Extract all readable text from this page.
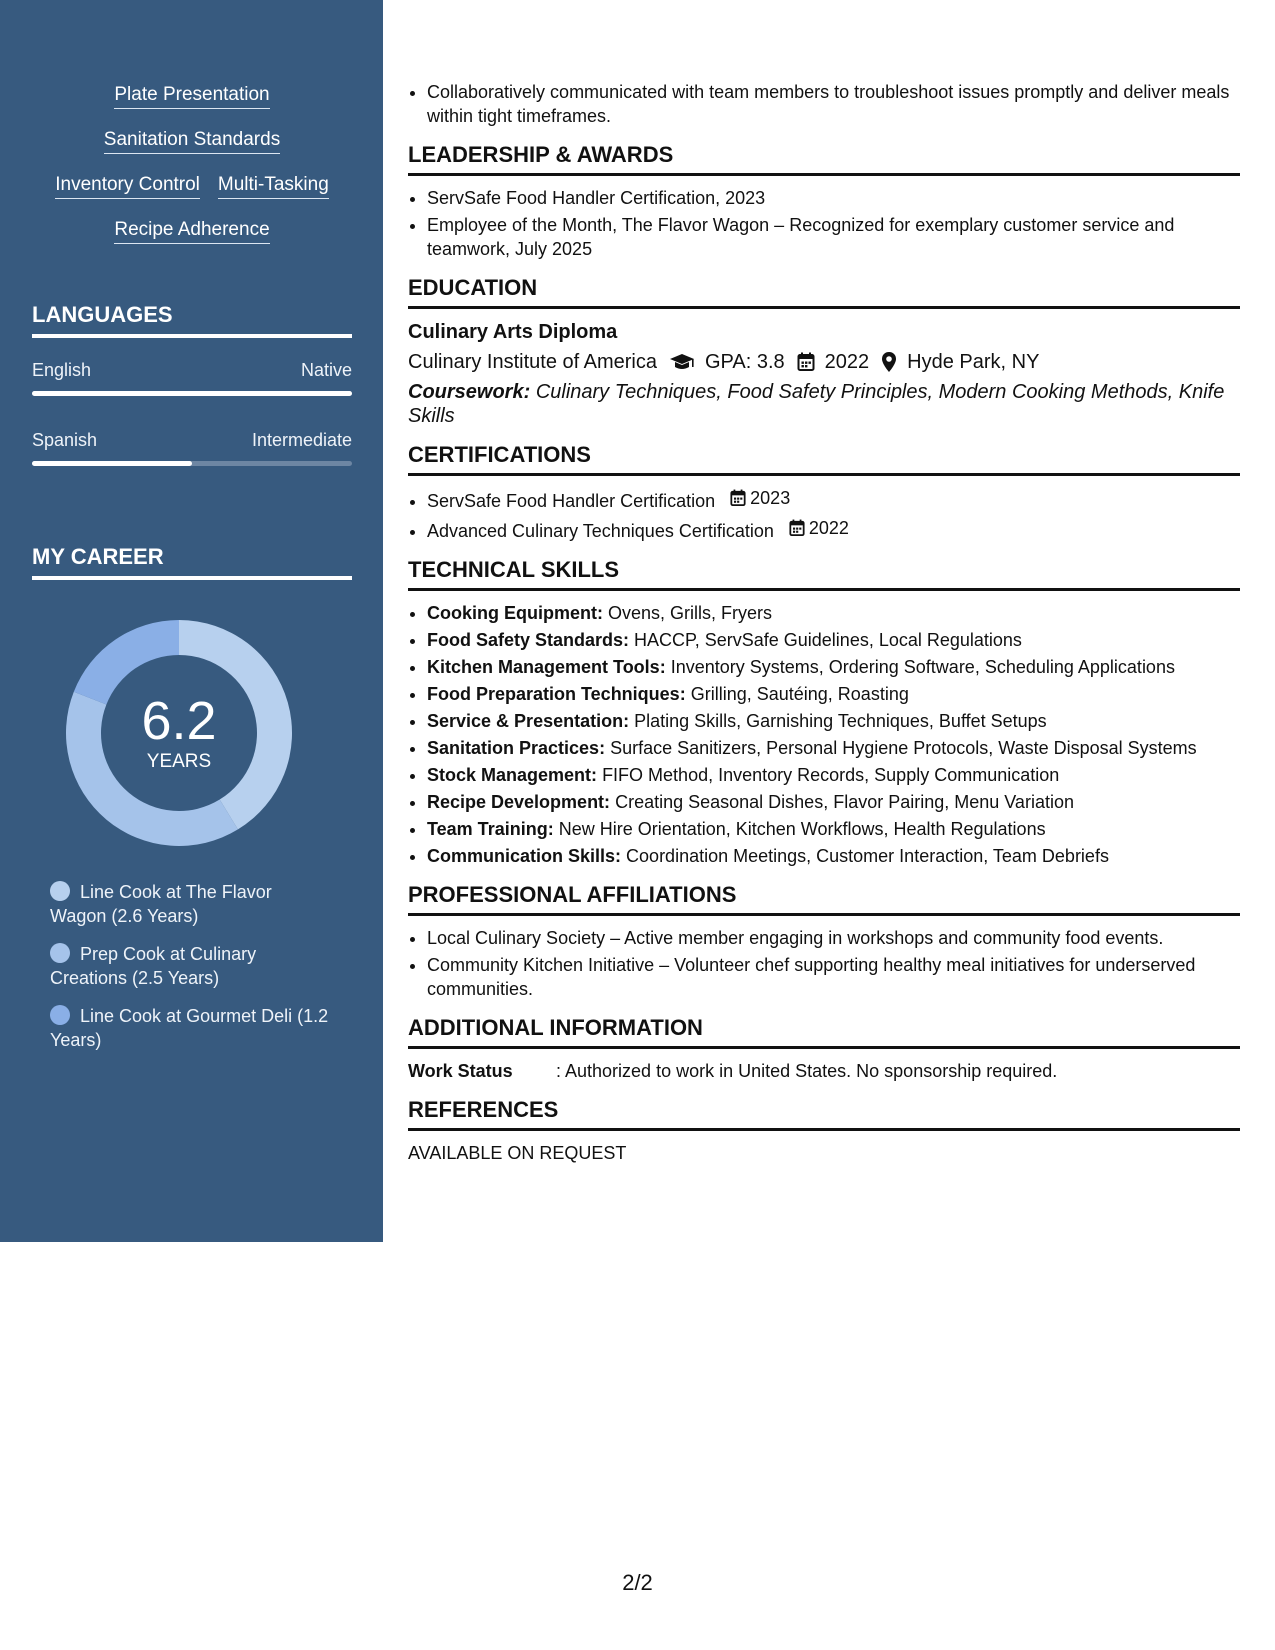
Plate Presentation
Sanitation Standards
Inventory Control Multi-Tasking
Recipe Adherence
LANGUAGES
English	Native
Spanish	Intermediate
MY CAREER
6.2
YEARS
Line Cook at The Flavor Wagon (2.6 Years)
Prep Cook at Culinary Creations (2.5 Years)
Line Cook at Gourmet Deli (1.2 Years)
• Collaboratively communicated with team members to troubleshoot issues promptly and deliver meals within tight timeframes.
LEADERSHIP & AWARDS
• ServSafe Food Handler Certification, 2023
• Employee of the Month, The Flavor Wagon – Recognized for exemplary customer service and teamwork, July 2025
EDUCATION
Culinary Arts Diploma
Culinary Institute of America GPA: 3.8 2022 Hyde Park, NY
Coursework: Culinary Techniques, Food Safety Principles, Modern Cooking Methods, Knife Skills
CERTIFICATIONS
• ServSafe Food Handler Certification 2023
• Advanced Culinary Techniques Certification 2022
TECHNICAL SKILLS
• Cooking Equipment: Ovens, Grills, Fryers
• Food Safety Standards: HACCP, ServSafe Guidelines, Local Regulations
• Kitchen Management Tools: Inventory Systems, Ordering Software, Scheduling Applications
• Food Preparation Techniques: Grilling, Sautéing, Roasting
• Service & Presentation: Plating Skills, Garnishing Techniques, Buffet Setups
• Sanitation Practices: Surface Sanitizers, Personal Hygiene Protocols, Waste Disposal Systems
• Stock Management: FIFO Method, Inventory Records, Supply Communication
• Recipe Development: Creating Seasonal Dishes, Flavor Pairing, Menu Variation
• Team Training: New Hire Orientation, Kitchen Workflows, Health Regulations
• Communication Skills: Coordination Meetings, Customer Interaction, Team Debriefs
PROFESSIONAL AFFILIATIONS
• Local Culinary Society – Active member engaging in workshops and community food events.
• Community Kitchen Initiative – Volunteer chef supporting healthy meal initiatives for underserved communities.
ADDITIONAL INFORMATION
Work Status	: Authorized to work in United States. No sponsorship required.
REFERENCES
AVAILABLE ON REQUEST
2/2
